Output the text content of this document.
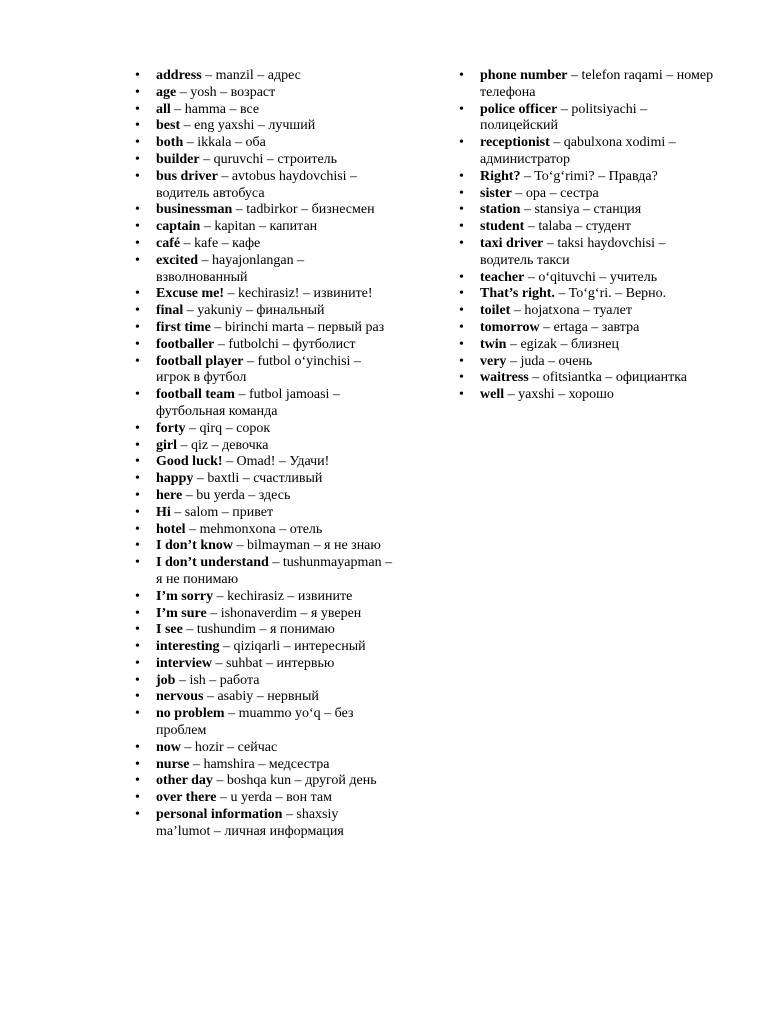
• address – manzil – адрес
• age – yosh – возраст
• all – hamma – все
• best – eng yaxshi – лучший
• both – ikkala – оба
• builder – quruvchi – строитель
• bus driver – avtobus haydovchisi – водитель автобуса
• businessman – tadbirkor – бизнесмен
• captain – kapitan – капитан
• café – kafe – кафе
• excited – hayajonlangan – взволнованный
• Excuse me! – kechirasiz! – извините!
• final – yakuniy – финальный
• first time – birinchi marta – первый раз
• footballer – futbolchi – футболист
• football player – futbol o‘yinchisi – игрок в футбол
• football team – futbol jamoasi – футбольная команда
• forty – qirq – сорок
• girl – qiz – девочка
• Good luck! – Omad! – Удачи!
• happy – baxtli – счастливый
• here – bu yerda – здесь
• Hi – salom – привет
• hotel – mehmonxona – отель
• I don’t know – bilmayman – я не знаю
• I don’t understand – tushunmayapman – я не понимаю
• I’m sorry – kechirasiz – извините
• I’m sure – ishonaverdim – я уверен
• I see – tushundim – я понимаю
• interesting – qiziqarli – интересный
• interview – suhbat – интервью
• job – ish – работа
• nervous – asabiy – нервный
• no problem – muammo yo‘q – без проблем
• now – hozir – сейчас
• nurse – hamshira – медсестра
• other day – boshqa kun – другой день
• over there – u yerda – вон там
• personal information – shaxsiy ma’lumot – личная информация
• phone number – telefon raqami – номер телефона
• police officer – politsiyachi – полицейский
• receptionist – qabulxona xodimi – администратор
• Right? – To‘g‘rimi? – Правда?
• sister – opa – сестра
• station – stansiya – станция
• student – talaba – студент
• taxi driver – taksi haydovchisi – водитель такси
• teacher – o‘qituvchi – учитель
• That’s right. – To‘g‘ri. – Верно.
• toilet – hojatxona – туалет
• tomorrow – ertaga – завтра
• twin – egizak – близнец
• very – juda – очень
• waitress – ofitsiantka – официантка
• well – yaxshi – хорошо
